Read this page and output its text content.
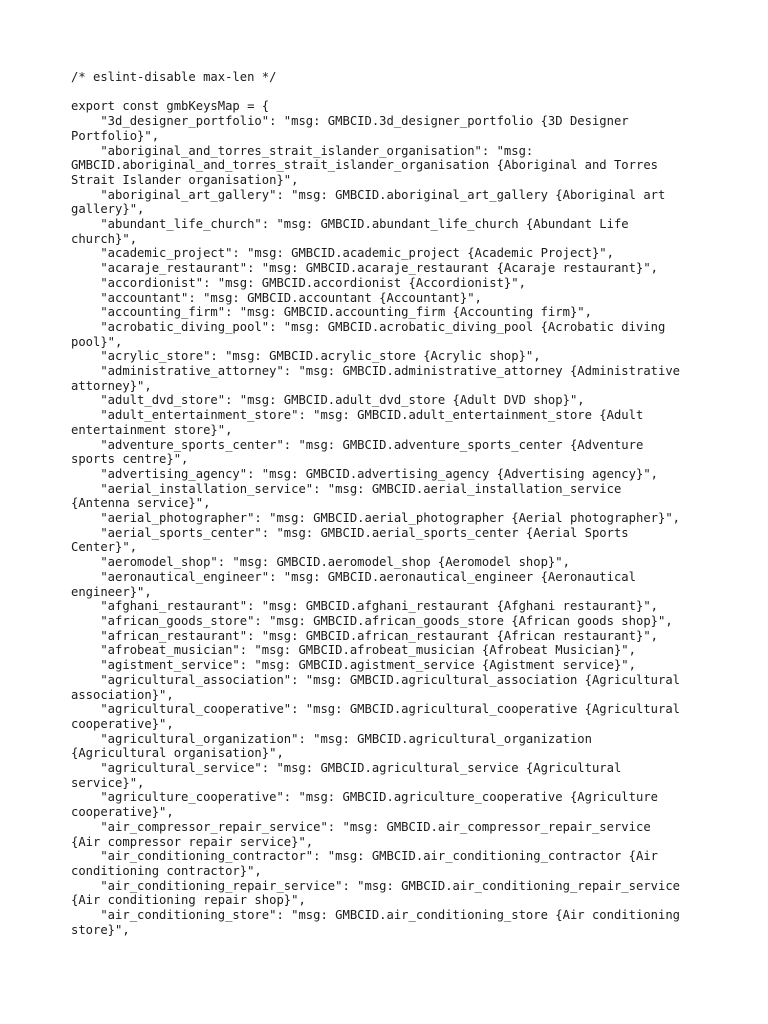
/* eslint-disable max-len */
export const gmbKeysMap = {
"3d_designer_portfolio": "msg: GMBCID.3d_designer_portfolio {3D Designer
Portfolio}",
"aboriginal_and_torres_strait_islander_organisation": "msg:
GMBCID.aboriginal_and_torres_strait_islander_organisation {Aboriginal and Torres
Strait Islander organisation}",
"aboriginal_art_gallery": "msg: GMBCID.aboriginal_art_gallery {Aboriginal art
gallery}",
"abundant_life_church": "msg: GMBCID.abundant_life_church {Abundant Life
church}",
"academic_project": "msg: GMBCID.academic_project {Academic Project}",
"acaraje_restaurant": "msg: GMBCID.acaraje_restaurant {Acaraje restaurant}",
"accordionist": "msg: GMBCID.accordionist {Accordionist}",
"accountant": "msg: GMBCID.accountant {Accountant}",
"accounting_firm": "msg: GMBCID.accounting_firm {Accounting firm}",
"acrobatic_diving_pool": "msg: GMBCID.acrobatic_diving_pool {Acrobatic diving
pool}",
"acrylic_store": "msg: GMBCID.acrylic_store {Acrylic shop}",
"administrative_attorney": "msg: GMBCID.administrative_attorney {Administrative
attorney}",
"adult_dvd_store": "msg: GMBCID.adult_dvd_store {Adult DVD shop}",
"adult_entertainment_store": "msg: GMBCID.adult_entertainment_store {Adult
entertainment store}",
"adventure_sports_center": "msg: GMBCID.adventure_sports_center {Adventure
sports centre}",
"advertising_agency": "msg: GMBCID.advertising_agency {Advertising agency}",
"aerial_installation_service": "msg: GMBCID.aerial_installation_service
{Antenna service}",
"aerial_photographer": "msg: GMBCID.aerial_photographer {Aerial photographer}",
"aerial_sports_center": "msg: GMBCID.aerial_sports_center {Aerial Sports
Center}",
"aeromodel_shop": "msg: GMBCID.aeromodel_shop {Aeromodel shop}",
"aeronautical_engineer": "msg: GMBCID.aeronautical_engineer {Aeronautical
engineer}",
"afghani_restaurant": "msg: GMBCID.afghani_restaurant {Afghani restaurant}",
"african_goods_store": "msg: GMBCID.african_goods_store {African goods shop}",
"african_restaurant": "msg: GMBCID.african_restaurant {African restaurant}",
"afrobeat_musician": "msg: GMBCID.afrobeat_musician {Afrobeat Musician}",
"agistment_service": "msg: GMBCID.agistment_service {Agistment service}",
"agricultural_association": "msg: GMBCID.agricultural_association {Agricultural
association}",
"agricultural_cooperative": "msg: GMBCID.agricultural_cooperative {Agricultural
cooperative}",
"agricultural_organization": "msg: GMBCID.agricultural_organization
{Agricultural organisation}",
"agricultural_service": "msg: GMBCID.agricultural_service {Agricultural
service}",
"agriculture_cooperative": "msg: GMBCID.agriculture_cooperative {Agriculture
cooperative}",
"air_compressor_repair_service": "msg: GMBCID.air_compressor_repair_service
{Air compressor repair service}",
"air_conditioning_contractor": "msg: GMBCID.air_conditioning_contractor {Air
conditioning contractor}",
"air_conditioning_repair_service": "msg: GMBCID.air_conditioning_repair_service
{Air conditioning repair shop}",
"air_conditioning_store": "msg: GMBCID.air_conditioning_store {Air conditioning
store}",
